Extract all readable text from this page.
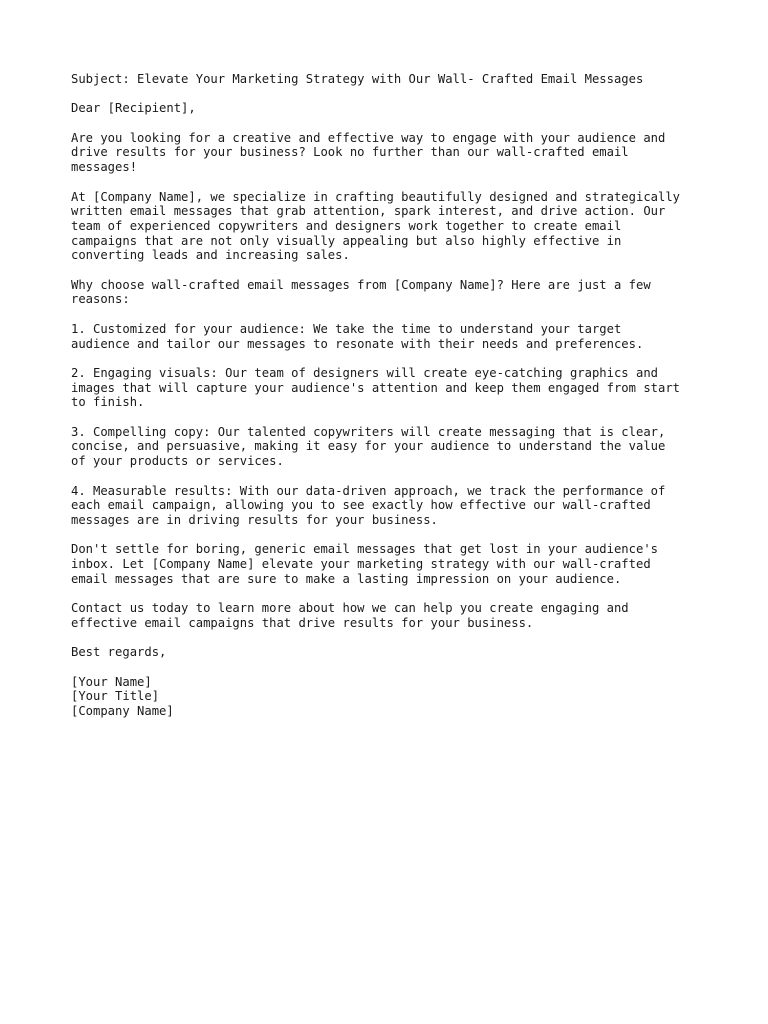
Subject: Elevate Your Marketing Strategy with Our Wall- Crafted Email Messages
Dear [Recipient],
Are you looking for a creative and effective way to engage with your audience and
drive results for your business? Look no further than our wall-crafted email
messages!
At [Company Name], we specialize in crafting beautifully designed and strategically
written email messages that grab attention, spark interest, and drive action. Our
team of experienced copywriters and designers work together to create email
campaigns that are not only visually appealing but also highly effective in
converting leads and increasing sales.
Why choose wall-crafted email messages from [Company Name]? Here are just a few
reasons:
1. Customized for your audience: We take the time to understand your target
audience and tailor our messages to resonate with their needs and preferences.
2. Engaging visuals: Our team of designers will create eye-catching graphics and
images that will capture your audience's attention and keep them engaged from start
to finish.
3. Compelling copy: Our talented copywriters will create messaging that is clear,
concise, and persuasive, making it easy for your audience to understand the value
of your products or services.
4. Measurable results: With our data-driven approach, we track the performance of
each email campaign, allowing you to see exactly how effective our wall-crafted
messages are in driving results for your business.
Don't settle for boring, generic email messages that get lost in your audience's
inbox. Let [Company Name] elevate your marketing strategy with our wall-crafted
email messages that are sure to make a lasting impression on your audience.
Contact us today to learn more about how we can help you create engaging and
effective email campaigns that drive results for your business.
Best regards,
[Your Name]
[Your Title]
[Company Name]
